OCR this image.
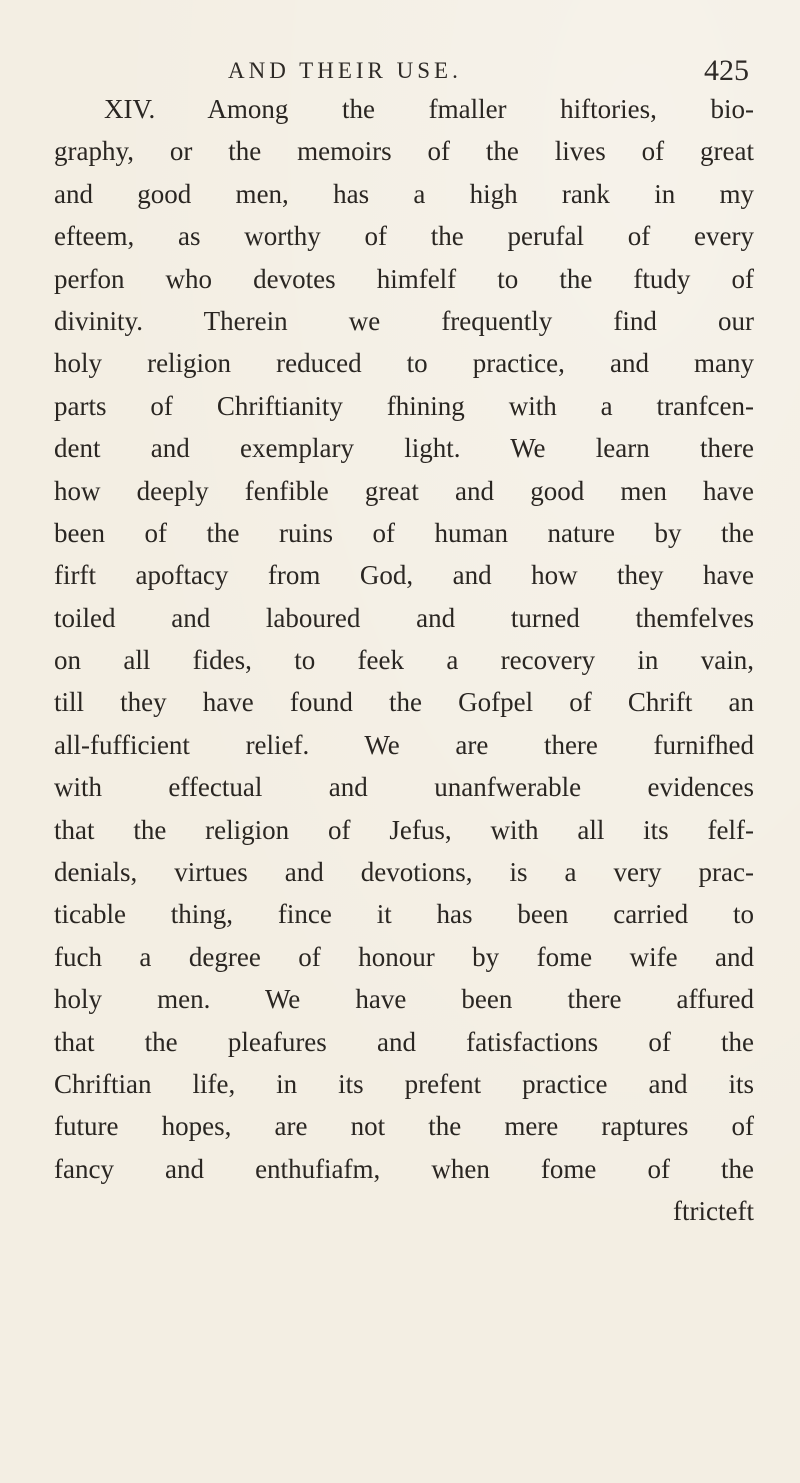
AND THEIR USE.	425
XIV. Among the fmaller hiftories, bio-
graphy, or the memoirs of the lives of great
and good men, has a high rank in my
efteem, as worthy of the perufal of every
perfon who devotes himfelf to the ftudy of
divinity. Therein we frequently find our
holy religion reduced to practice, and many
parts of Chriftianity fhining with a tranfcen-
dent and exemplary light. We learn there
how deeply fenfible great and good men have
been of the ruins of human nature by the
firft apoftacy from God, and how they have
toiled and laboured and turned themfelves
on all fides, to feek a recovery in vain,
till they have found the Gofpel of Chrift an
all-fufficient relief. We are there furnifhed
with effectual and unanfwerable evidences
that the religion of Jefus, with all its felf-
denials, virtues and devotions, is a very prac-
ticable thing, fince it has been carried to
fuch a degree of honour by fome wife and
holy men. We have been there affured
that the pleafures and fatisfactions of the
Chriftian life, in its prefent practice and its
future hopes, are not the mere raptures of
fancy and enthufiafm, when fome of the
ftricteft
